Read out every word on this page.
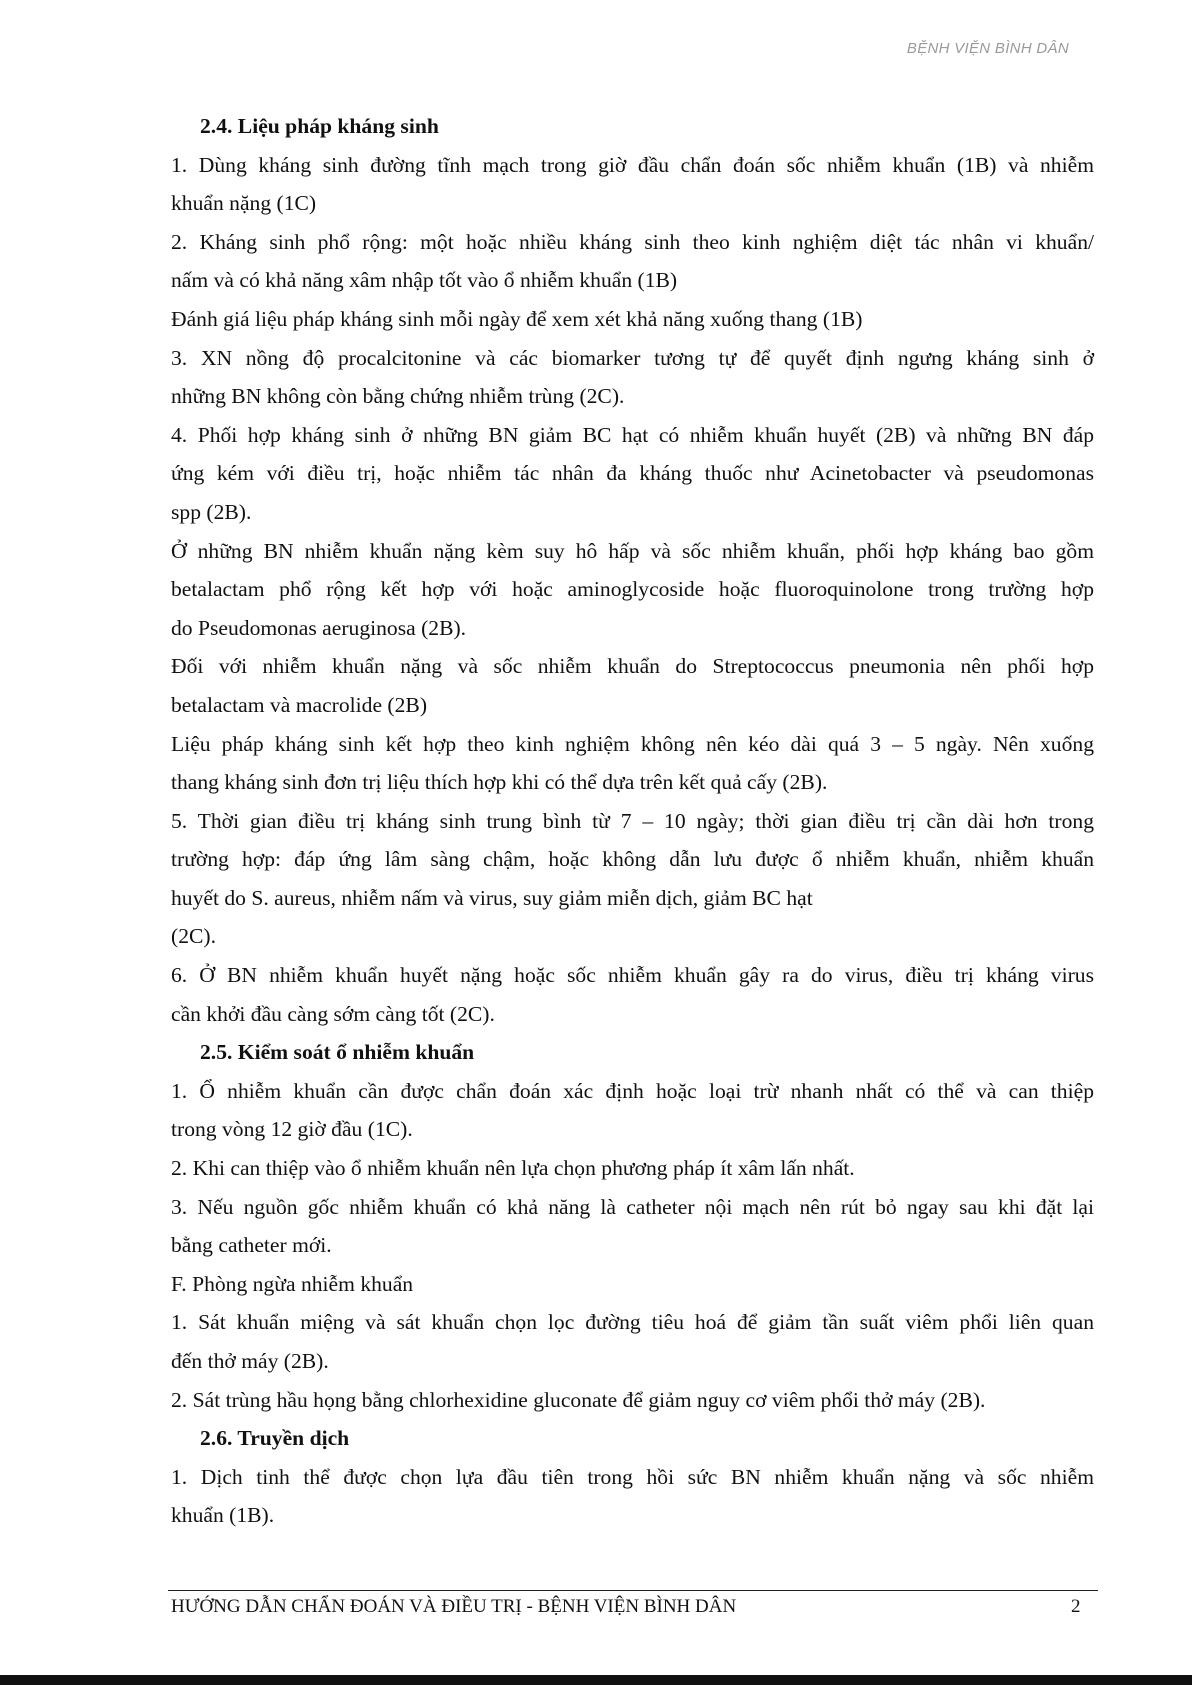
BỆNH VIỆN BÌNH DÂN
2.4. Liệu pháp kháng sinh
1. Dùng kháng sinh đường tĩnh mạch trong giờ đầu chẩn đoán sốc nhiễm khuẩn (1B) và nhiễm
khuẩn nặng (1C)
2. Kháng sinh phổ rộng: một hoặc nhiều kháng sinh theo kinh nghiệm diệt tác nhân vi khuẩn/
nấm và có khả năng xâm nhập tốt vào ổ nhiễm khuẩn (1B)
Đánh giá liệu pháp kháng sinh mỗi ngày để xem xét khả năng xuống thang (1B)
3. XN nồng độ procalcitonine và các biomarker tương tự để quyết định ngưng kháng sinh ở
những BN không còn bằng chứng nhiễm trùng (2C).
4. Phối hợp kháng sinh ở những BN giảm BC hạt có nhiễm khuẩn huyết (2B) và những BN đáp
ứng kém với điều trị, hoặc nhiễm tác nhân đa kháng thuốc như Acinetobacter và pseudomonas
spp (2B).
Ở những BN nhiễm khuẩn nặng kèm suy hô hấp và sốc nhiễm khuẩn, phối hợp kháng bao gồm
betalactam phổ rộng kết hợp với hoặc aminoglycoside hoặc fluoroquinolone trong trường hợp
do Pseudomonas aeruginosa (2B).
Đối với nhiễm khuẩn nặng và sốc nhiễm khuẩn do Streptococcus pneumonia nên phối hợp
betalactam và macrolide (2B)
Liệu pháp kháng sinh kết hợp theo kinh nghiệm không nên kéo dài quá 3 – 5 ngày. Nên xuống
thang kháng sinh đơn trị liệu thích hợp khi có thể dựa trên kết quả cấy (2B).
5. Thời gian điều trị kháng sinh trung bình từ 7 – 10 ngày; thời gian điều trị cần dài hơn trong
trường hợp: đáp ứng lâm sàng chậm, hoặc không dẫn lưu được ổ nhiễm khuẩn, nhiễm khuẩn
huyết do S. aureus, nhiễm nấm và virus, suy giảm miễn dịch, giảm BC hạt
(2C).
6. Ở BN nhiễm khuẩn huyết nặng hoặc sốc nhiễm khuẩn gây ra do virus, điều trị kháng virus
cần khởi đầu càng sớm càng tốt (2C).
2.5. Kiểm soát ổ nhiễm khuẩn
1. Ổ nhiễm khuẩn cần được chẩn đoán xác định hoặc loại trừ nhanh nhất có thể và can thiệp
trong vòng 12 giờ đầu (1C).
2. Khi can thiệp vào ổ nhiễm khuẩn nên lựa chọn phương pháp ít xâm lấn nhất.
3. Nếu nguồn gốc nhiễm khuẩn có khả năng là catheter nội mạch nên rút bỏ ngay sau khi đặt lại
bằng catheter mới.
F. Phòng ngừa nhiễm khuẩn
1. Sát khuẩn miệng và sát khuẩn chọn lọc đường tiêu hoá để giảm tần suất viêm phổi liên quan
đến thở máy (2B).
2. Sát trùng hầu họng bằng chlorhexidine gluconate để giảm nguy cơ viêm phổi thở máy (2B).
2.6. Truyền dịch
1. Dịch tinh thể được chọn lựa đầu tiên trong hồi sức BN nhiễm khuẩn nặng và sốc nhiễm
khuẩn (1B).
HƯỚNG DẪN CHẨN ĐOÁN VÀ ĐIỀU TRỊ - BỆNH VIỆN BÌNH DÂN	2
